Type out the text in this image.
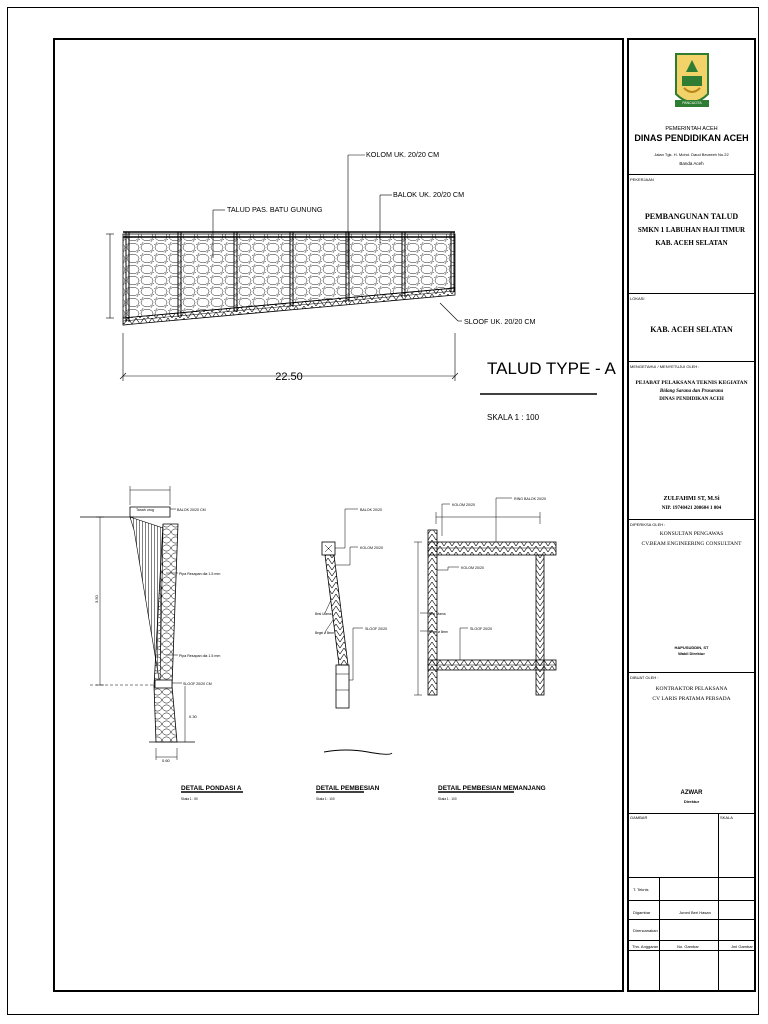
KOLOM UK. 20/20 CM
BALOK UK. 20/20 CM
TALUD PAS. BATU GUNUNG
SLOOF UK. 20/20 CM
22.50	TALUD TYPE - A
SKALA 1 : 100
BALOK 20/20 CM
Tanah urug
Pipa Resapan dia 1.5 mm
Pipa Resapan dia 1.5 mm
SLOOF 20/20 CM
3.50
0.30
0.60
DETAIL PONDASI A
Skala 1 : 50
BALOK 20/20
KOLOM 20/20
SLOOF 20/20
Besi Utama
Begel ø 8mm
DETAIL PEMBESIAN
Skala 1 : 100
KOLOM 20/20
RING BALOK 20/20
KOLOM 20/20
SLOOF 20/20
Besi Utama
Begel ø 8mm
DETAIL PEMBESIAN MEMANJANG
Skala 1 : 100
PANCACITA
PEMERINTAH ACEH
DINAS PENDIDIKAN ACEH
Jalan Tgk. H. Mohd. Daud Beureeh No.22
Banda Aceh
PEKERJAAN
PEMBANGUNAN TALUD
SMKN 1 LABUHAN HAJI TIMUR
KAB. ACEH SELATAN
LOKASI
KAB. ACEH SELATAN
MENGETAHUI / MENYETUJUI OLEH :
PEJABAT PELAKSANA TEKNIS KEGIATAN
Bidang Sarana dan Prasarana
DINAS PENDIDIKAN ACEH
ZULFAHMI ST, M.Si
NIP. 19740421 200604 1 004
DIPERIKSA OLEH :
KONSULTAN PENGAWAS
CV.BEAM ENGINEERING CONSULTANT
HAPUSUDDIN, ST
Wakil Direktur
DIBUAT OLEH :
KONTRAKTOR PELAKSANA
CV LARIS PRATAMA PERSADA
AZWAR
Direktur
GAMBAR	SKALA
T. Teknis
Digambar	Juned Beri Hasan
Direncanakan
Thn. Anggaran	No. Gambar	Jml Gambar
